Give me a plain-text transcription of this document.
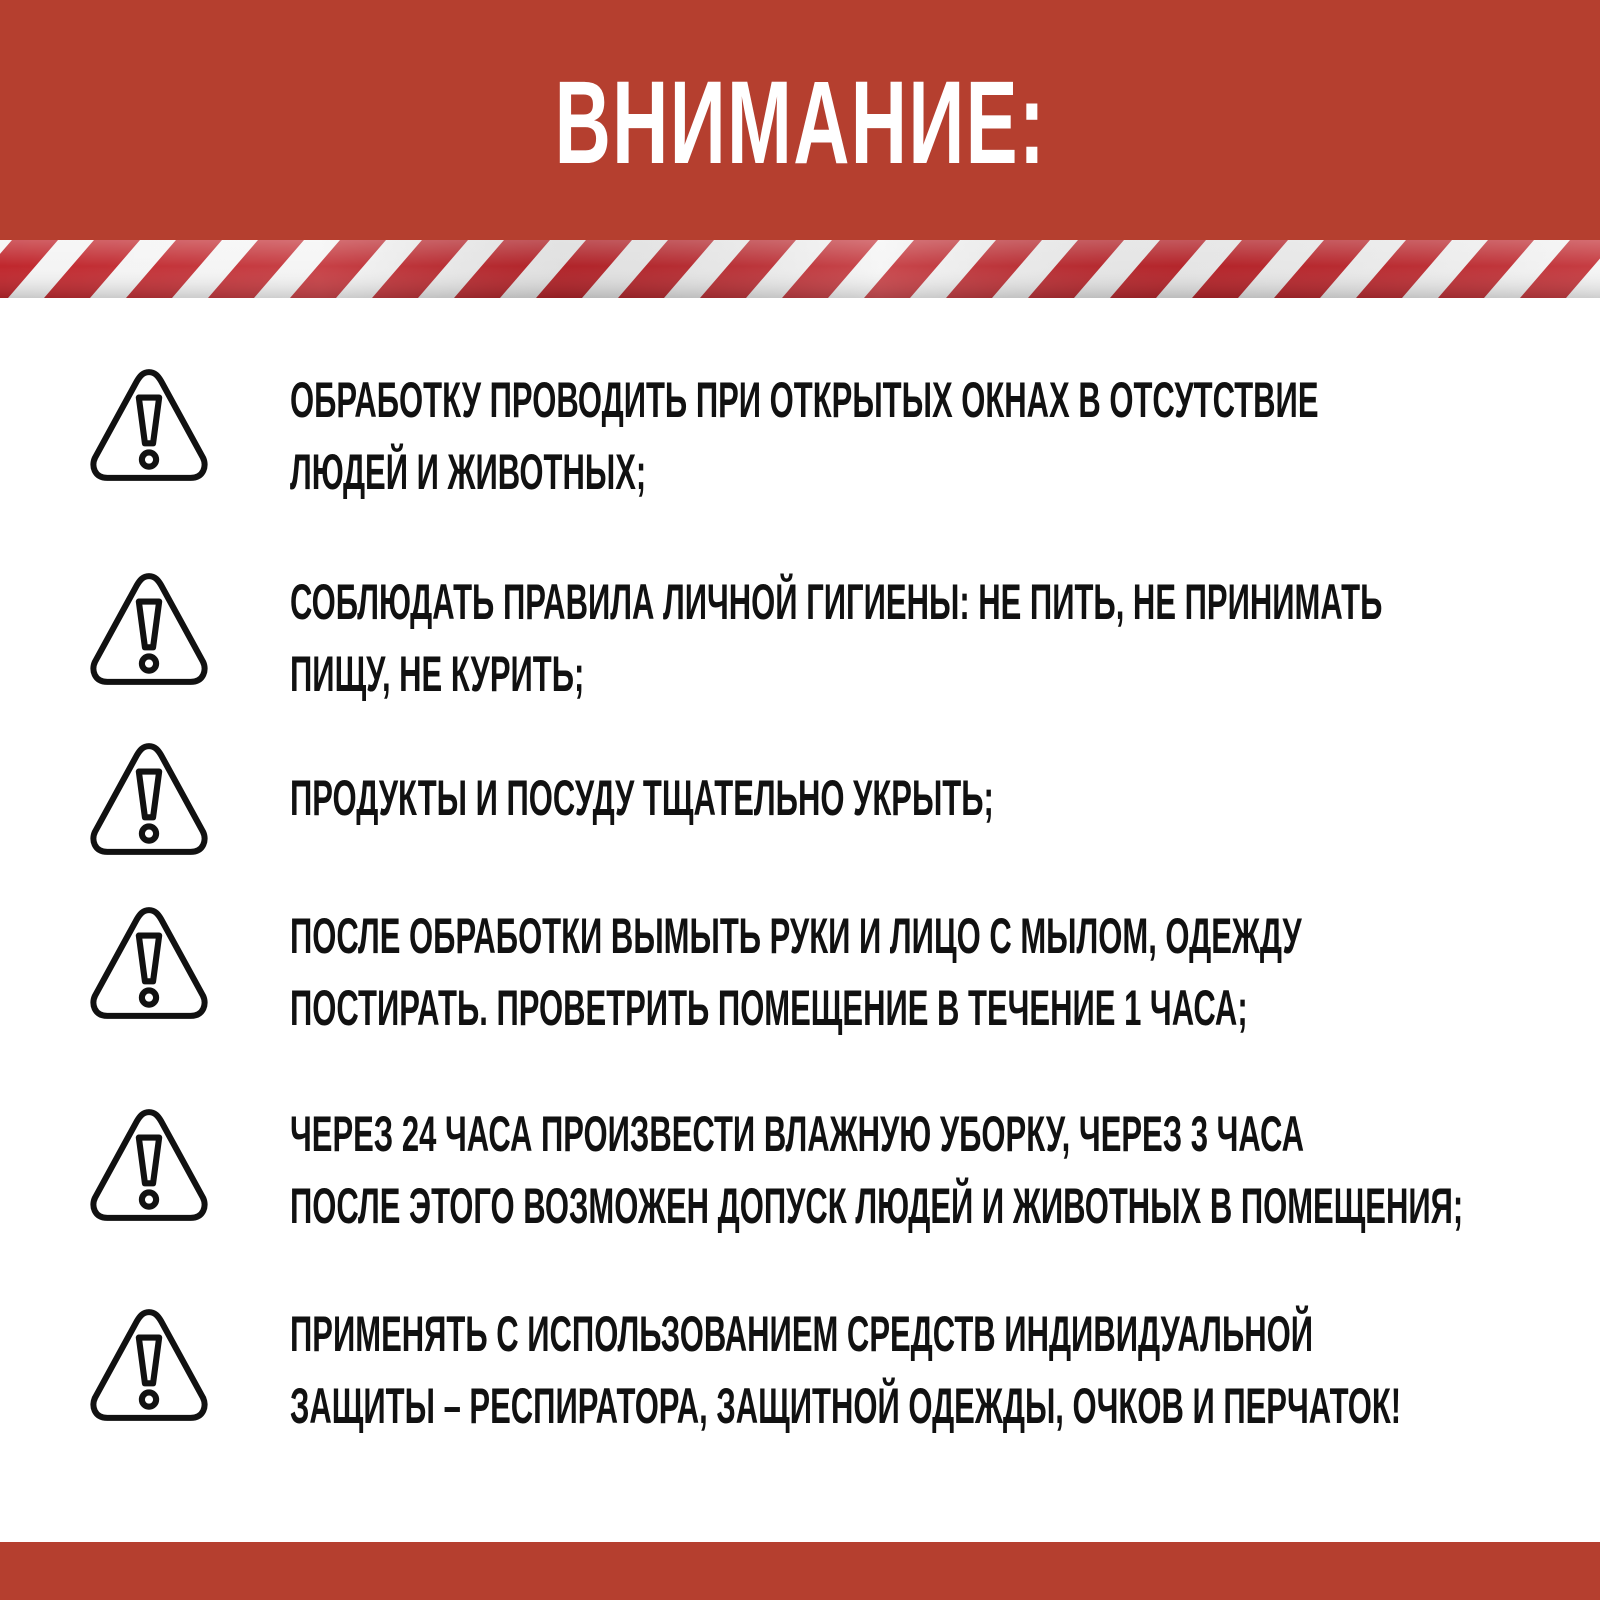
ВНИМАНИЕ:
ОБРАБОТКУ ПРОВОДИТЬ ПРИ ОТКРЫТЫХ ОКНАХ В ОТСУТСТВИЕ
ЛЮДЕЙ И ЖИВОТНЫХ;
СОБЛЮДАТЬ ПРАВИЛА ЛИЧНОЙ ГИГИЕНЫ: НЕ ПИТЬ, НЕ ПРИНИМАТЬ
ПИЩУ, НЕ КУРИТЬ;
ПРОДУКТЫ И ПОСУДУ ТЩАТЕЛЬНО УКРЫТЬ;
ПОСЛЕ ОБРАБОТКИ ВЫМЫТЬ РУКИ И ЛИЦО С МЫЛОМ, ОДЕЖДУ
ПОСТИРАТЬ. ПРОВЕТРИТЬ ПОМЕЩЕНИЕ В ТЕЧЕНИЕ 1 ЧАСА;
ЧЕРЕЗ 24 ЧАСА ПРОИЗВЕСТИ ВЛАЖНУЮ УБОРКУ, ЧЕРЕЗ 3 ЧАСА
ПОСЛЕ ЭТОГО ВОЗМОЖЕН ДОПУСК ЛЮДЕЙ И ЖИВОТНЫХ В ПОМЕЩЕНИЯ;
ПРИМЕНЯТЬ С ИСПОЛЬЗОВАНИЕМ СРЕДСТВ ИНДИВИДУАЛЬНОЙ
ЗАЩИТЫ – РЕСПИРАТОРА, ЗАЩИТНОЙ ОДЕЖДЫ, ОЧКОВ И ПЕРЧАТОК!
